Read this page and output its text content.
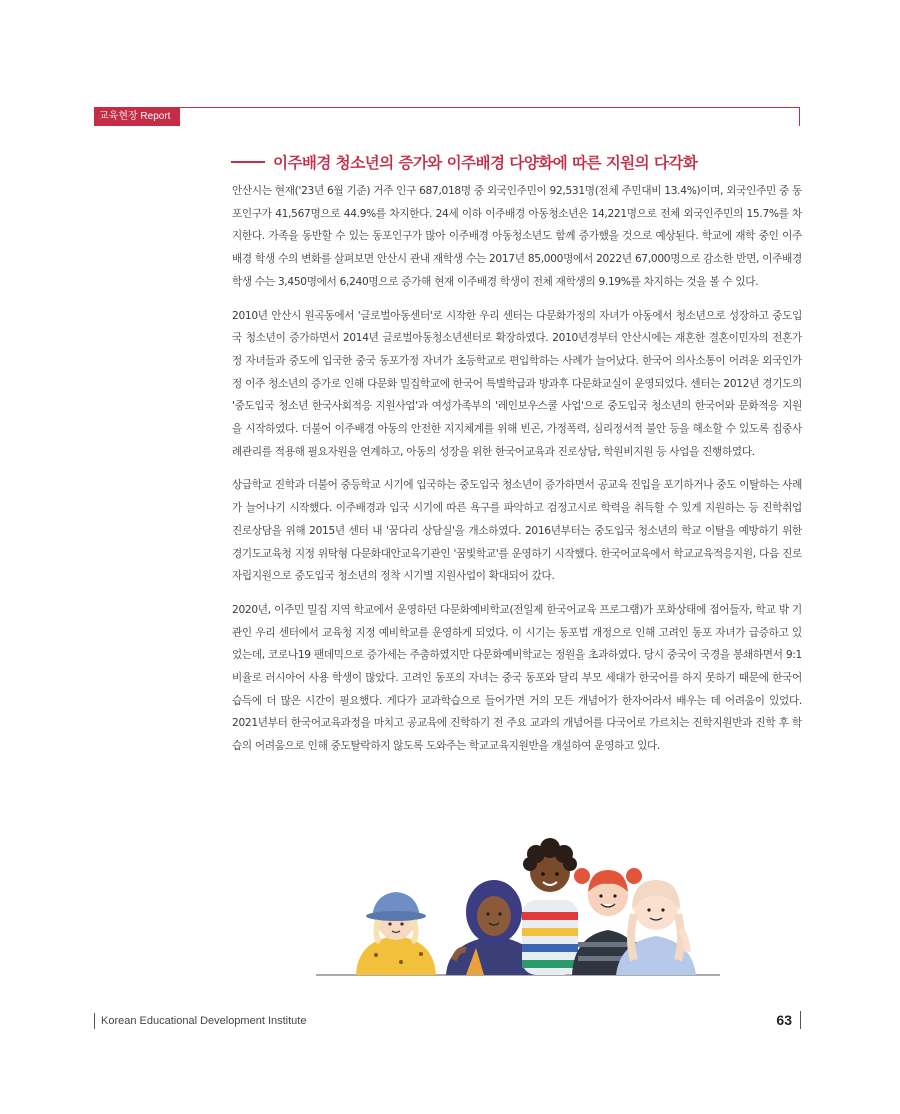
교육현장 Report
이주배경 청소년의 증가와 이주배경 다양화에 따른 지원의 다각화

안산시는 현재('23년 6월 기준) 거주 인구 687,018명 중 외국인주민이 92,531명(전체 주민대비 13.4%)이며, 외국인주민 중 동포인구가 41,567명으로 44.9%를 차지한다. 24세 이하 이주배경 아동청소년은 14,221명으로 전체 외국인주민의 15.7%를 차지한다. 가족을 동반할 수 있는 동포인구가 많아 이주배경 아동청소년도 함께 증가했을 것으로 예상된다. 학교에 재학 중인 이주배경 학생 수의 변화를 살펴보면 안산시 관내 재학생 수는 2017년 85,000명에서 2022년 67,000명으로 감소한 반면, 이주배경 학생 수는 3,450명에서 6,240명으로 증가해 현재 이주배경 학생이 전체 재학생의 9.19%를 차지하는 것을 볼 수 있다.

2010년 안산시 원곡동에서 '글로벌아동센터'로 시작한 우리 센터는 다문화가정의 자녀가 아동에서 청소년으로 성장하고 중도입국 청소년이 증가하면서 2014년 글로벌아동청소년센터로 확장하였다. 2010년경부터 안산시에는 재혼한 결혼이민자의 전혼가정 자녀들과 중도에 입국한 중국 동포가정 자녀가 초등학교로 편입학하는 사례가 늘어났다. 한국어 의사소통이 어려운 외국인가정 이주 청소년의 증가로 인해 다문화 밀집학교에 한국어 특별학급과 방과후 다문화교실이 운영되었다. 센터는 2012년 경기도의 '중도입국 청소년 한국사회적응 지원사업'과 여성가족부의 '레인보우스쿨 사업'으로 중도입국 청소년의 한국어와 문화적응 지원을 시작하였다. 더불어 이주배경 아동의 안전한 지지체계를 위해 빈곤, 가정폭력, 심리정서적 불안 등을 해소할 수 있도록 집중사례관리를 적용해 필요자원을 연계하고, 아동의 성장을 위한 한국어교육과 진로상담, 학원비지원 등 사업을 진행하였다.

상급학교 진학과 더불어 중등학교 시기에 입국하는 중도입국 청소년이 증가하면서 공교육 진입을 포기하거나 중도 이탈하는 사례가 늘어나기 시작했다. 이주배경과 입국 시기에 따른 욕구를 파악하고 검정고시로 학력을 취득할 수 있게 지원하는 등 진학취업 진로상담을 위해 2015년 센터 내 '꿈다리 상담실'을 개소하였다. 2016년부터는 중도입국 청소년의 학교 이탈을 예방하기 위한 경기도교육청 지정 위탁형 다문화대안교육기관인 '꿈빛학교'를 운영하기 시작했다. 한국어교육에서 학교교육적응지원, 다음 진로자립지원으로 중도입국 청소년의 정착 시기별 지원사업이 확대되어 갔다.

2020년, 이주민 밀집 지역 학교에서 운영하던 다문화예비학교(전일제 한국어교육 프로그램)가 포화상태에 접어들자, 학교 밖 기관인 우리 센터에서 교육청 지정 예비학교를 운영하게 되었다. 이 시기는 동포법 개정으로 인해 고려인 동포 자녀가 급증하고 있었는데, 코로나19 팬데믹으로 증가세는 주춤하였지만 다문화예비학교는 정원을 초과하였다. 당시 중국이 국경을 봉쇄하면서 9:1 비율로 러시아어 사용 학생이 많았다. 고려인 동포의 자녀는 중국 동포와 달리 부모 세대가 한국어를 하지 못하기 때문에 한국어 습득에 더 많은 시간이 필요했다. 게다가 교과학습으로 들어가면 거의 모든 개념어가 한자어라서 배우는 데 어려움이 있었다. 2021년부터 한국어교육과정을 마치고 공교육에 진학하기 전 주요 교과의 개념어를 다국어로 가르치는 진학지원반과 진학 후 학습의 어려움으로 인해 중도탈락하지 않도록 도와주는 학교교육지원반을 개설하여 운영하고 있다.

Korean Educational Development Institute	63
